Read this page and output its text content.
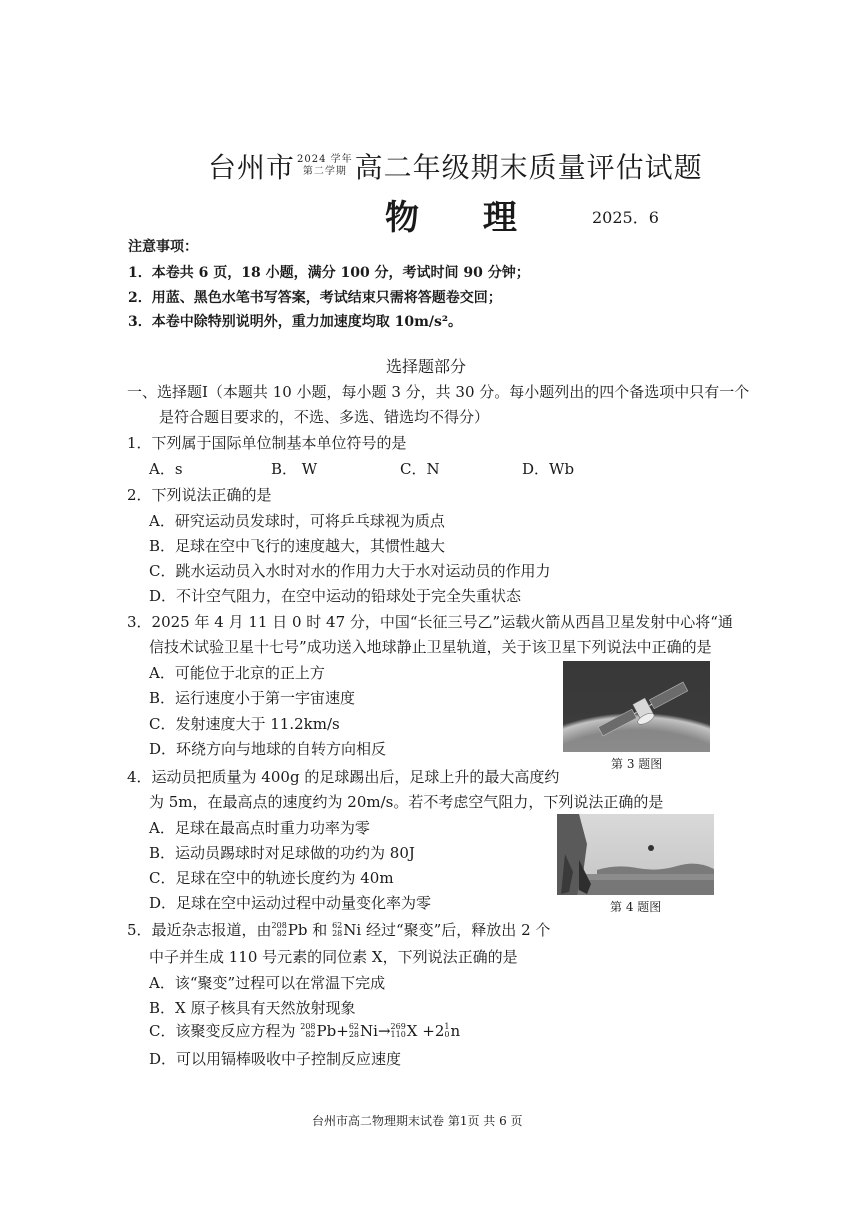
台州市 2024 学年
第二学期 高二年级期末质量评估试题
物 理	2025．6
注意事项：
1．本卷共 6 页，18 小题，满分 100 分，考试时间 90 分钟；
2．用蓝、黑色水笔书写答案，考试结束只需将答题卷交回；
3．本卷中除特别说明外，重力加速度均取 10m/s²。
选择题部分
一、选择题Ⅰ（本题共 10 小题，每小题 3 分，共 30 分。每小题列出的四个备选项中只有一个
是符合题目要求的，不选、多选、错选均不得分）
1．下列属于国际单位制基本单位符号的是
A．s	B． W	C．N	D．Wb
2．下列说法正确的是
A．研究运动员发球时，可将乒乓球视为质点
B．足球在空中飞行的速度越大，其惯性越大
C．跳水运动员入水时对水的作用力大于水对运动员的作用力
D．不计空气阻力，在空中运动的铅球处于完全失重状态
3．2025 年 4 月 11 日 0 时 47 分，中国“长征三号乙”运载火箭从西昌卫星发射中心将“通
信技术试验卫星十七号”成功送入地球静止卫星轨道，关于该卫星下列说法中正确的是
A．可能位于北京的正上方
B．运行速度小于第一宇宙速度
C．发射速度大于 11.2km/s
D．环绕方向与地球的自转方向相反
第 3 题图
4．运动员把质量为 400g 的足球踢出后，足球上升的最大高度约
为 5m，在最高点的速度约为 20m/s。若不考虑空气阻力，下列说法正确的是
A．足球在最高点时重力功率为零
B．运动员踢球时对足球做的功约为 80J
C．足球在空中的轨迹长度约为 40m
D．足球在空中运动过程中动量变化率为零	第 4 题图
5．最近杂志报道，由 208
82 Pb 和 62
28 Ni 经过“聚变”后，释放出 2 个
中子并生成 110 号元素的同位素 X，下列说法正确的是
A．该“聚变”过程可以在常温下完成
B．X 原子核具有天然放射现象
C．该聚变反应方程为 208
82 Pb + 62
28 Ni → 269
110 X +2 1
0 n
D．可以用镉棒吸收中子控制反应速度
台州市高二物理期末试卷 第1页 共 6 页
